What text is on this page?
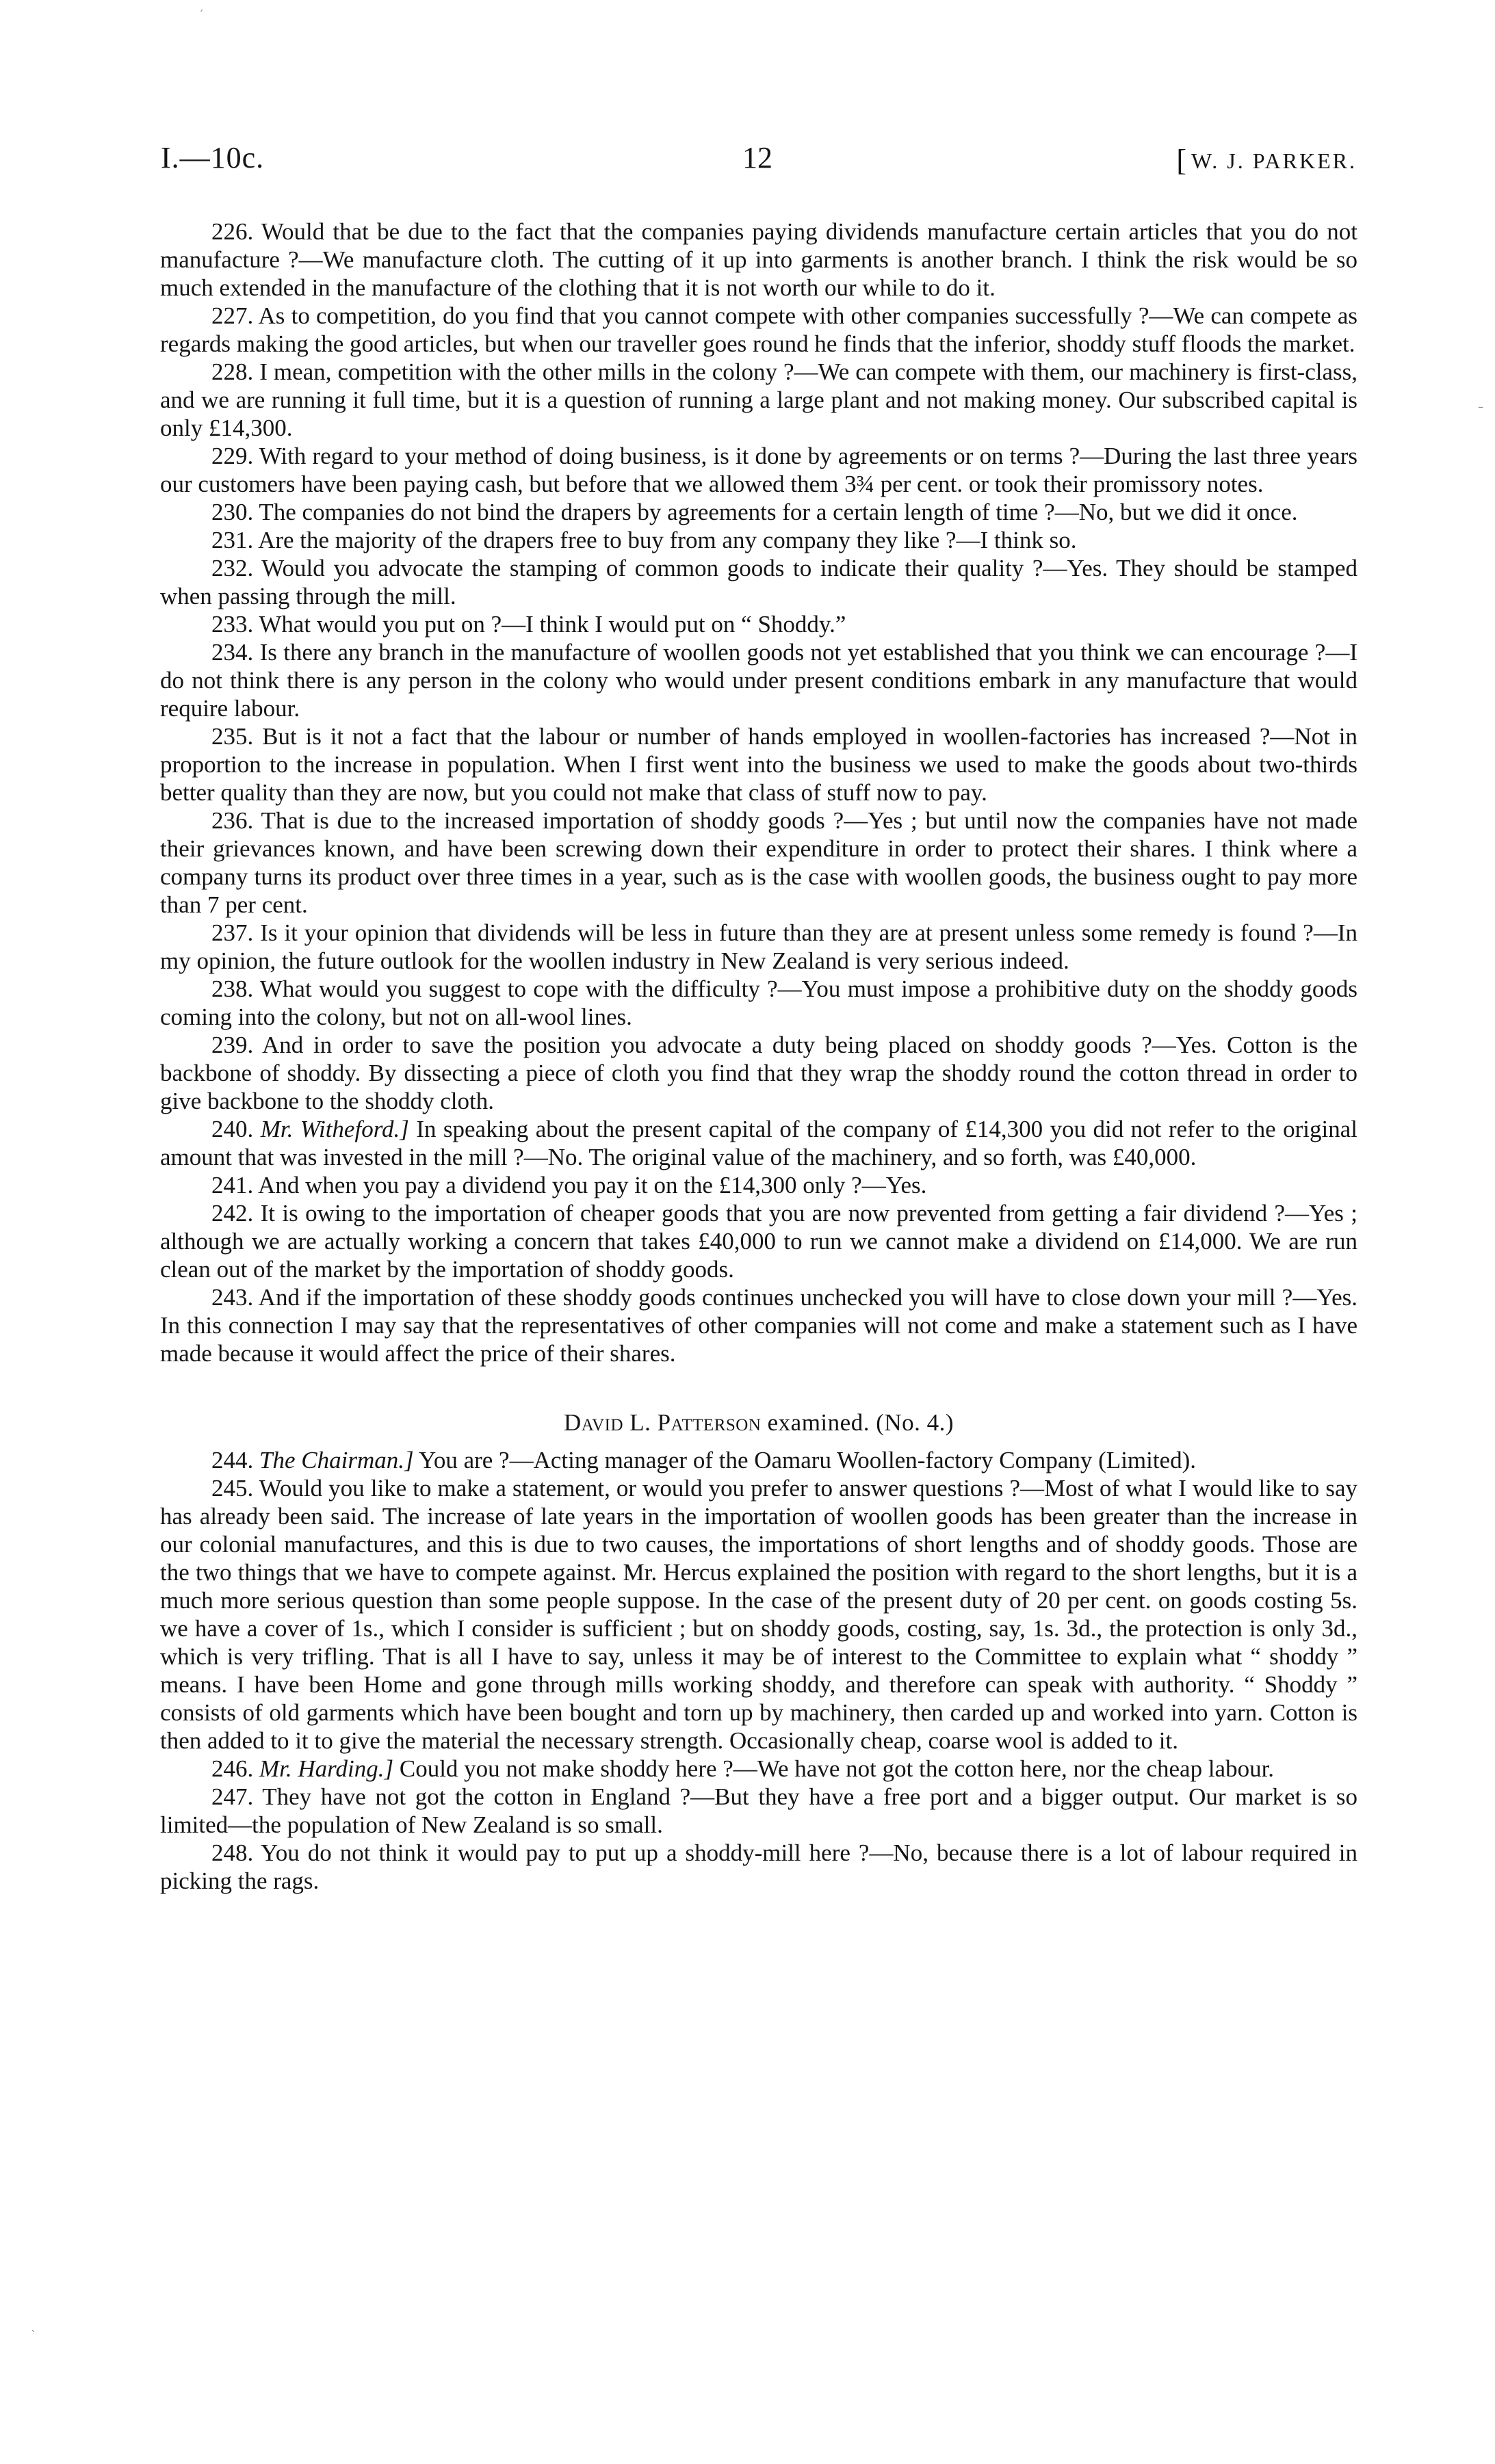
I.—10c.	12	[ W. J. PARKER.

226. Would that be due to the fact that the companies paying dividends manufacture certain articles that you do not manufacture ?—We manufacture cloth. The cutting of it up into garments is another branch. I think the risk would be so much extended in the manufacture of the clothing that it is not worth our while to do it.

227. As to competition, do you find that you cannot compete with other companies successfully ?—We can compete as regards making the good articles, but when our traveller goes round he finds that the inferior, shoddy stuff floods the market.

228. I mean, competition with the other mills in the colony ?—We can compete with them, our machinery is first-class, and we are running it full time, but it is a question of running a large plant and not making money. Our subscribed capital is only £14,300.

229. With regard to your method of doing business, is it done by agreements or on terms ?—During the last three years our customers have been paying cash, but before that we allowed them 3¾ per cent. or took their promissory notes.

230. The companies do not bind the drapers by agreements for a certain length of time ?—No, but we did it once.

231. Are the majority of the drapers free to buy from any company they like ?—I think so.

232. Would you advocate the stamping of common goods to indicate their quality ?—Yes. They should be stamped when passing through the mill.

233. What would you put on ?—I think I would put on “ Shoddy.”

234. Is there any branch in the manufacture of woollen goods not yet established that you think we can encourage ?—I do not think there is any person in the colony who would under present conditions embark in any manufacture that would require labour.

235. But is it not a fact that the labour or number of hands employed in woollen-factories has increased ?—Not in proportion to the increase in population. When I first went into the business we used to make the goods about two-thirds better quality than they are now, but you could not make that class of stuff now to pay.

236. That is due to the increased importation of shoddy goods ?—Yes ; but until now the companies have not made their grievances known, and have been screwing down their expenditure in order to protect their shares. I think where a company turns its product over three times in a year, such as is the case with woollen goods, the business ought to pay more than 7 per cent.

237. Is it your opinion that dividends will be less in future than they are at present unless some remedy is found ?—In my opinion, the future outlook for the woollen industry in New Zealand is very serious indeed.

238. What would you suggest to cope with the difficulty ?—You must impose a prohibitive duty on the shoddy goods coming into the colony, but not on all-wool lines.

239. And in order to save the position you advocate a duty being placed on shoddy goods ?—Yes. Cotton is the backbone of shoddy. By dissecting a piece of cloth you find that they wrap the shoddy round the cotton thread in order to give backbone to the shoddy cloth.

240. Mr. Witheford.] In speaking about the present capital of the company of £14,300 you did not refer to the original amount that was invested in the mill ?—No. The original value of the machinery, and so forth, was £40,000.

241. And when you pay a dividend you pay it on the £14,300 only ?—Yes.

242. It is owing to the importation of cheaper goods that you are now prevented from getting a fair dividend ?—Yes ; although we are actually working a concern that takes £40,000 to run we cannot make a dividend on £14,000. We are run clean out of the market by the importation of shoddy goods.

243. And if the importation of these shoddy goods continues unchecked you will have to close down your mill ?—Yes. In this connection I may say that the representatives of other companies will not come and make a statement such as I have made because it would affect the price of their shares.

David L. Patterson examined. (No. 4.)

244. The Chairman.] You are ?—Acting manager of the Oamaru Woollen-factory Company (Limited).

245. Would you like to make a statement, or would you prefer to answer questions ?—Most of what I would like to say has already been said. The increase of late years in the importation of woollen goods has been greater than the increase in our colonial manufactures, and this is due to two causes, the importations of short lengths and of shoddy goods. Those are the two things that we have to compete against. Mr. Hercus explained the position with regard to the short lengths, but it is a much more serious question than some people suppose. In the case of the present duty of 20 per cent. on goods costing 5s. we have a cover of 1s., which I consider is sufficient ; but on shoddy goods, costing, say, 1s. 3d., the protection is only 3d., which is very trifling. That is all I have to say, unless it may be of interest to the Committee to explain what “ shoddy ” means. I have been Home and gone through mills working shoddy, and therefore can speak with authority. “ Shoddy ” consists of old garments which have been bought and torn up by machinery, then carded up and worked into yarn. Cotton is then added to it to give the material the necessary strength. Occasionally cheap, coarse wool is added to it.

246. Mr. Harding.] Could you not make shoddy here ?—We have not got the cotton here, nor the cheap labour.

247. They have not got the cotton in England ?—But they have a free port and a bigger output. Our market is so limited—the population of New Zealand is so small.

248. You do not think it would pay to put up a shoddy-mill here ?—No, because there is a lot of labour required in picking the rags.

ˊ
–
ˎ
